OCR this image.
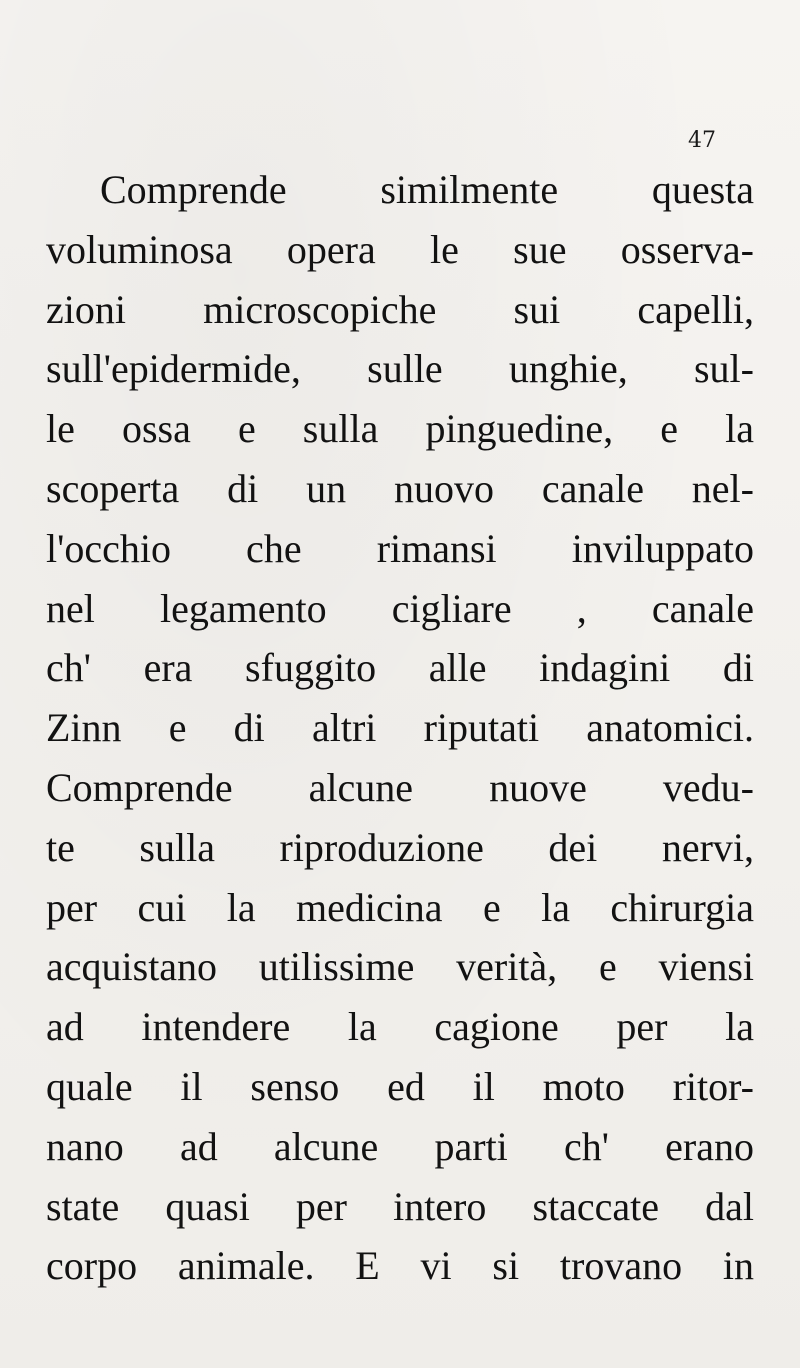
47
Comprende similmente questa
voluminosa opera le sue osserva-
zioni microscopiche sui capelli,
sull'epidermide, sulle unghie, sul-
le ossa e sulla pinguedine, e la
scoperta di un nuovo canale nel-
l'occhio che rimansi inviluppato
nel legamento cigliare , canale
ch' era sfuggito alle indagini di
Zinn e di altri riputati anatomici.
Comprende alcune nuove vedu-
te sulla riproduzione dei nervi,
per cui la medicina e la chirurgia
acquistano utilissime verità, e viensi
ad intendere la cagione per la
quale il senso ed il moto ritor-
nano ad alcune parti ch' erano
state quasi per intero staccate dal
corpo animale. E vi si trovano in
